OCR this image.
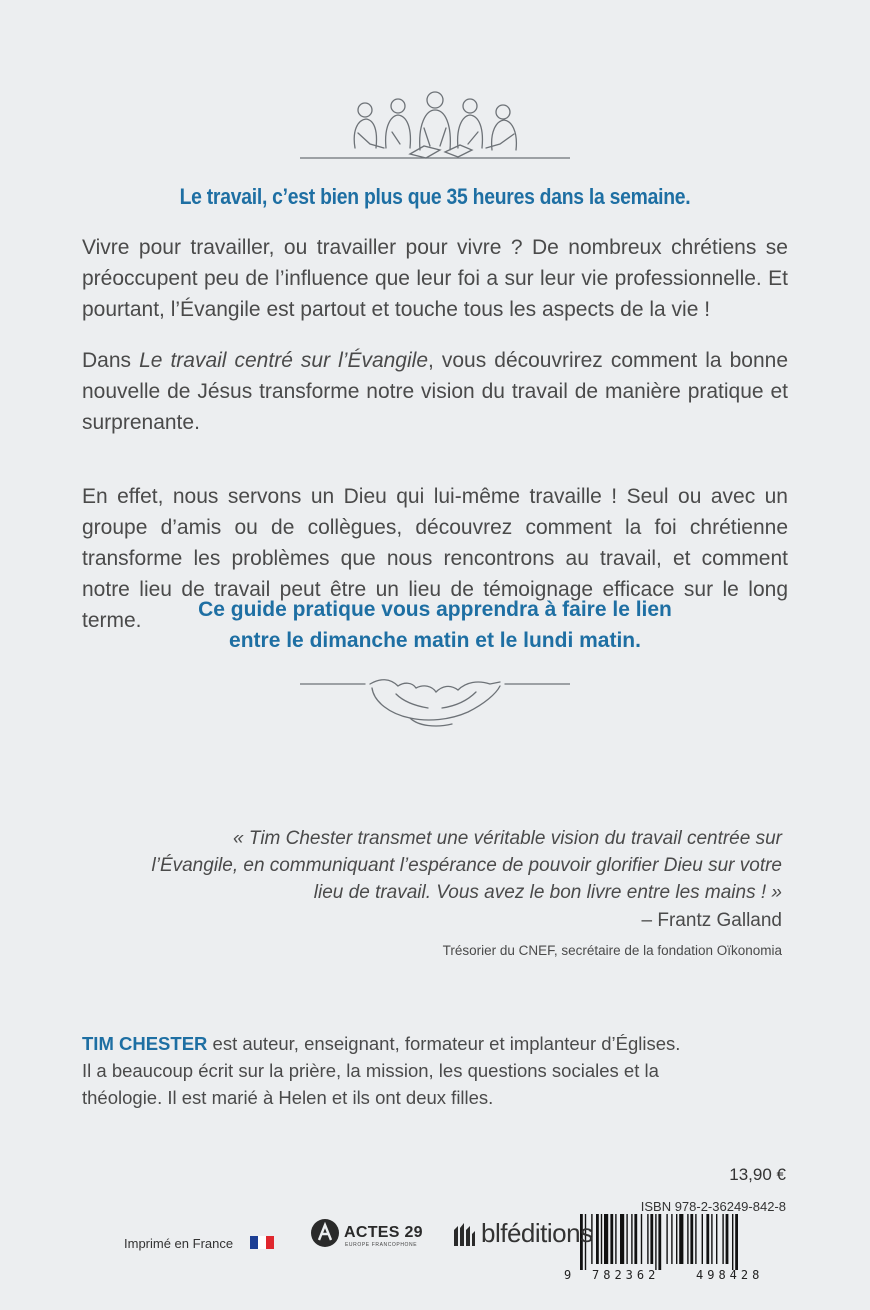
Le travail, c’est bien plus que 35 heures dans la semaine.
Vivre pour travailler, ou travailler pour vivre ? De nombreux chrétiens se préoccupent peu de l’influence que leur foi a sur leur vie professionnelle. Et pourtant, l’Évangile est partout et touche tous les aspects de la vie !
Dans Le travail centré sur l’Évangile, vous découvrirez comment la bonne nouvelle de Jésus transforme notre vision du travail de manière pratique et surprenante.
En effet, nous servons un Dieu qui lui-même travaille ! Seul ou avec un groupe d’amis ou de collègues, découvrez comment la foi chrétienne transforme les problèmes que nous rencontrons au travail, et comment notre lieu de travail peut être un lieu de témoignage efficace sur le long terme.	Ce guide pratique vous apprendra à faire le lien
entre le dimanche matin et le lundi matin.
« Tim Chester transmet une véritable vision du travail centrée sur l’Évangile, en communiquant l’espérance de pouvoir glorifier Dieu sur votre lieu de travail. Vous avez le bon livre entre les mains ! »
– Frantz Galland
Trésorier du CNEF, secrétaire de la fondation Oïkonomia
TIM CHESTER est auteur, enseignant, formateur et implanteur d’Églises. Il a beaucoup écrit sur la prière, la mission, les questions sociales et la théologie. Il est marié à Helen et ils ont deux filles.
13,90 €
ISBN 978-2-36249-842-8
9 782362	498428
Imprimé en France
ACTES 29
EUROPE FRANCOPHONE blféditions
